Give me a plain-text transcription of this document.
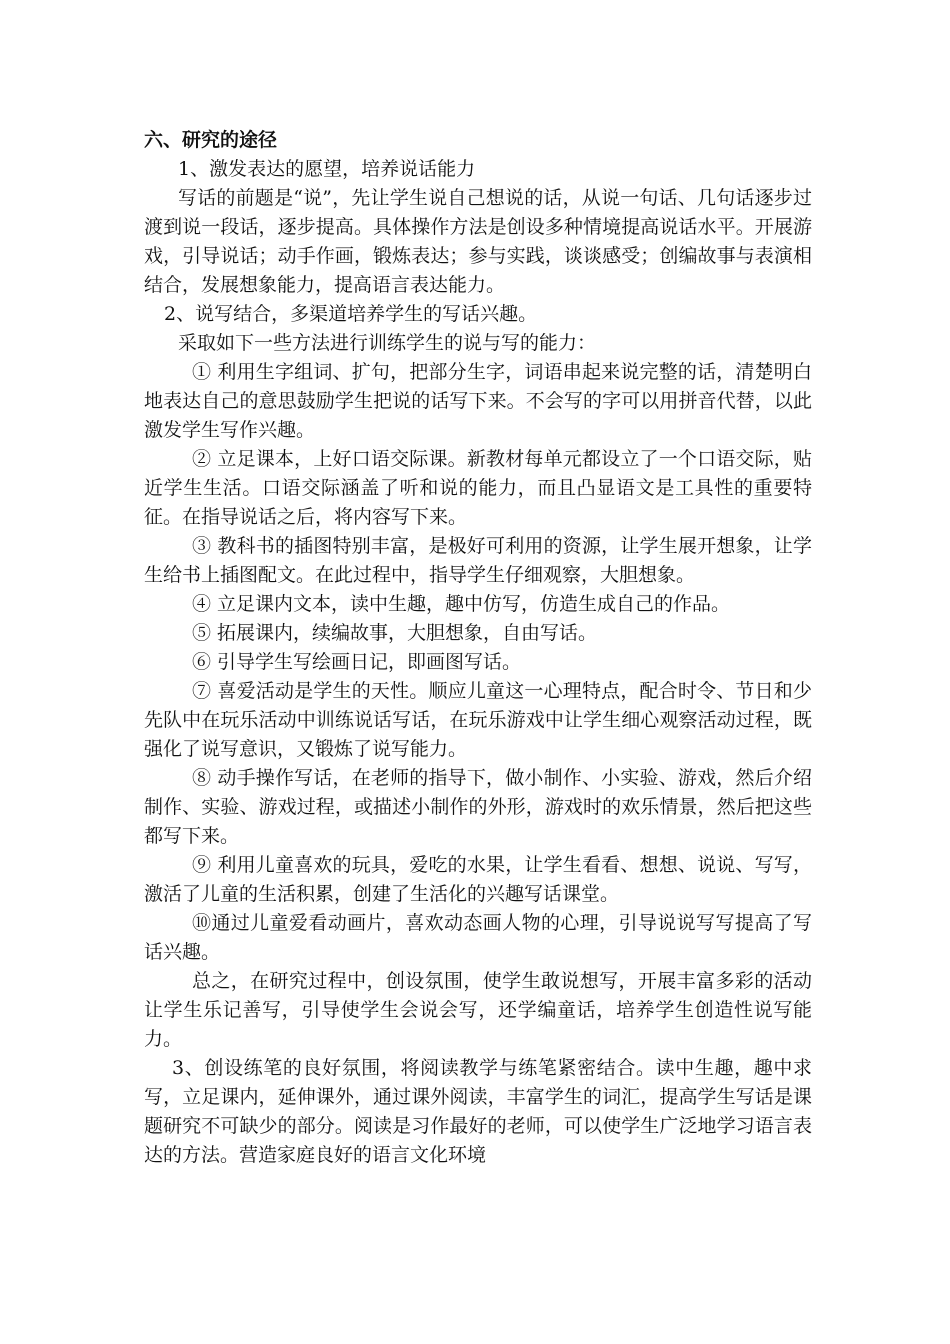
六、研究的途径

1、激发表达的愿望，培养说话能力

写话的前题是“说”，先让学生说自己想说的话，从说一句话、几句话逐步过渡到说一段话，逐步提高。具体操作方法是创设多种情境提高说话水平。开展游戏，引导说话；动手作画，锻炼表达；参与实践，谈谈感受；创编故事与表演相结合，发展想象能力，提高语言表达能力。

2、说写结合，多渠道培养学生的写话兴趣。

采取如下一些方法进行训练学生的说与写的能力：

① 利用生字组词、扩句，把部分生字，词语串起来说完整的话，清楚明白地表达自己的意思鼓励学生把说的话写下来。不会写的字可以用拼音代替，以此激发学生写作兴趣。

② 立足课本，上好口语交际课。新教材每单元都设立了一个口语交际，贴近学生生活。口语交际涵盖了听和说的能力，而且凸显语文是工具性的重要特征。在指导说话之后，将内容写下来。

③ 教科书的插图特别丰富，是极好可利用的资源，让学生展开想象，让学生给书上插图配文。在此过程中，指导学生仔细观察，大胆想象。

④ 立足课内文本，读中生趣，趣中仿写，仿造生成自己的作品。

⑤ 拓展课内，续编故事，大胆想象，自由写话。

⑥ 引导学生写绘画日记，即画图写话。

⑦ 喜爱活动是学生的天性。顺应儿童这一心理特点，配合时令、节日和少先队中在玩乐活动中训练说话写话，在玩乐游戏中让学生细心观察活动过程，既强化了说写意识，又锻炼了说写能力。

⑧ 动手操作写话，在老师的指导下，做小制作、小实验、游戏，然后介绍制作、实验、游戏过程，或描述小制作的外形，游戏时的欢乐情景，然后把这些都写下来。

⑨ 利用儿童喜欢的玩具，爱吃的水果，让学生看看、想想、说说、写写，激活了儿童的生活积累，创建了生活化的兴趣写话课堂。

⑩通过儿童爱看动画片，喜欢动态画人物的心理，引导说说写写提高了写话兴趣。

总之，在研究过程中，创设氛围，使学生敢说想写，开展丰富多彩的活动让学生乐记善写，引导使学生会说会写，还学编童话，培养学生创造性说写能力。

3、创设练笔的良好氛围，将阅读教学与练笔紧密结合。读中生趣，趣中求写，立足课内，延伸课外，通过课外阅读，丰富学生的词汇，提高学生写话是课题研究不可缺少的部分。阅读是习作最好的老师，可以使学生广泛地学习语言表达的方法。营造家庭良好的语言文化环境
